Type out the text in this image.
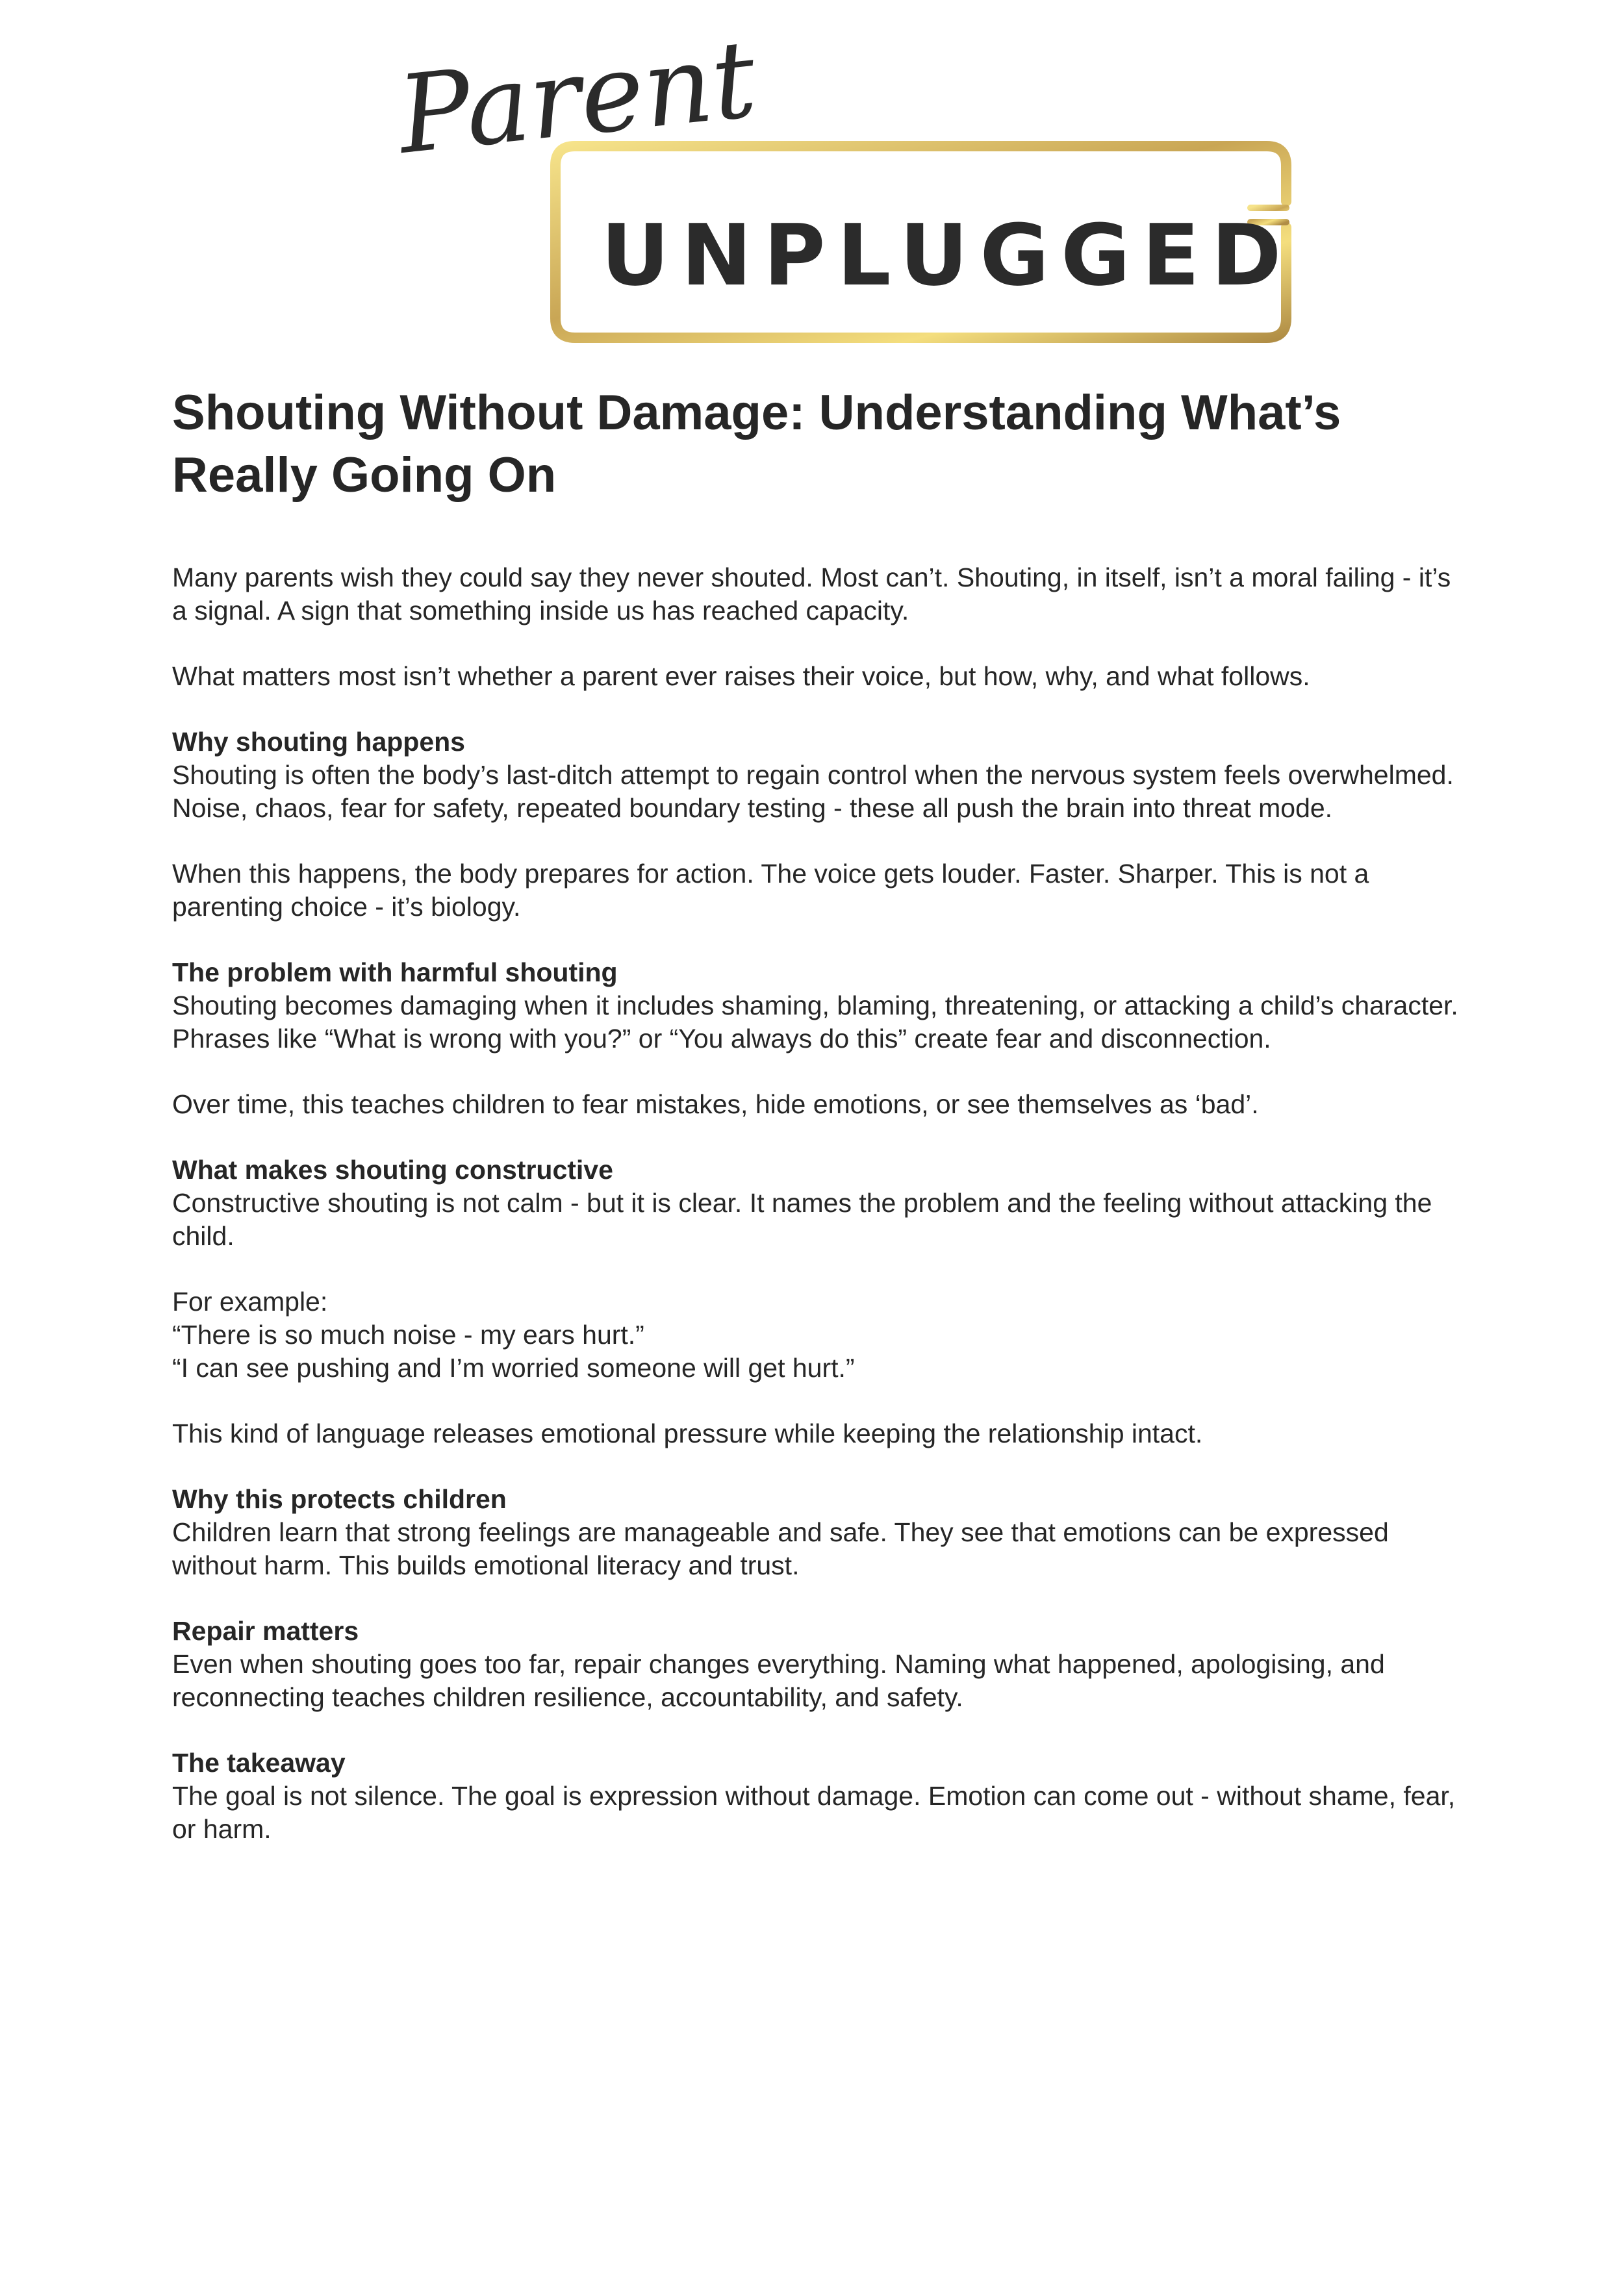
Parent
UNPLUGGED
Shouting Without Damage: Understanding What’s Really Going On

Many parents wish they could say they never shouted. Most can’t. Shouting, in itself, isn’t a moral failing - it’s a signal. A sign that something inside us has reached capacity.

What matters most isn’t whether a parent ever raises their voice, but how, why, and what follows.

Why shouting happens

Shouting is often the body’s last-ditch attempt to regain control when the nervous system feels overwhelmed. Noise, chaos, fear for safety, repeated boundary testing - these all push the brain into threat mode.

When this happens, the body prepares for action. The voice gets louder. Faster. Sharper. This is not a parenting choice - it’s biology.

The problem with harmful shouting

Shouting becomes damaging when it includes shaming, blaming, threatening, or attacking a child’s character. Phrases like “What is wrong with you?” or “You always do this” create fear and disconnection.

Over time, this teaches children to fear mistakes, hide emotions, or see themselves as ‘bad’.

What makes shouting constructive

Constructive shouting is not calm - but it is clear. It names the problem and the feeling without attacking the child.

For example:
“There is so much noise - my ears hurt.”
“I can see pushing and I’m worried someone will get hurt.”

This kind of language releases emotional pressure while keeping the relationship intact.

Why this protects children

Children learn that strong feelings are manageable and safe. They see that emotions can be expressed without harm. This builds emotional literacy and trust.

Repair matters

Even when shouting goes too far, repair changes everything. Naming what happened, apologising, and reconnecting teaches children resilience, accountability, and safety.

The takeaway

The goal is not silence. The goal is expression without damage. Emotion can come out - without shame, fear, or harm.
